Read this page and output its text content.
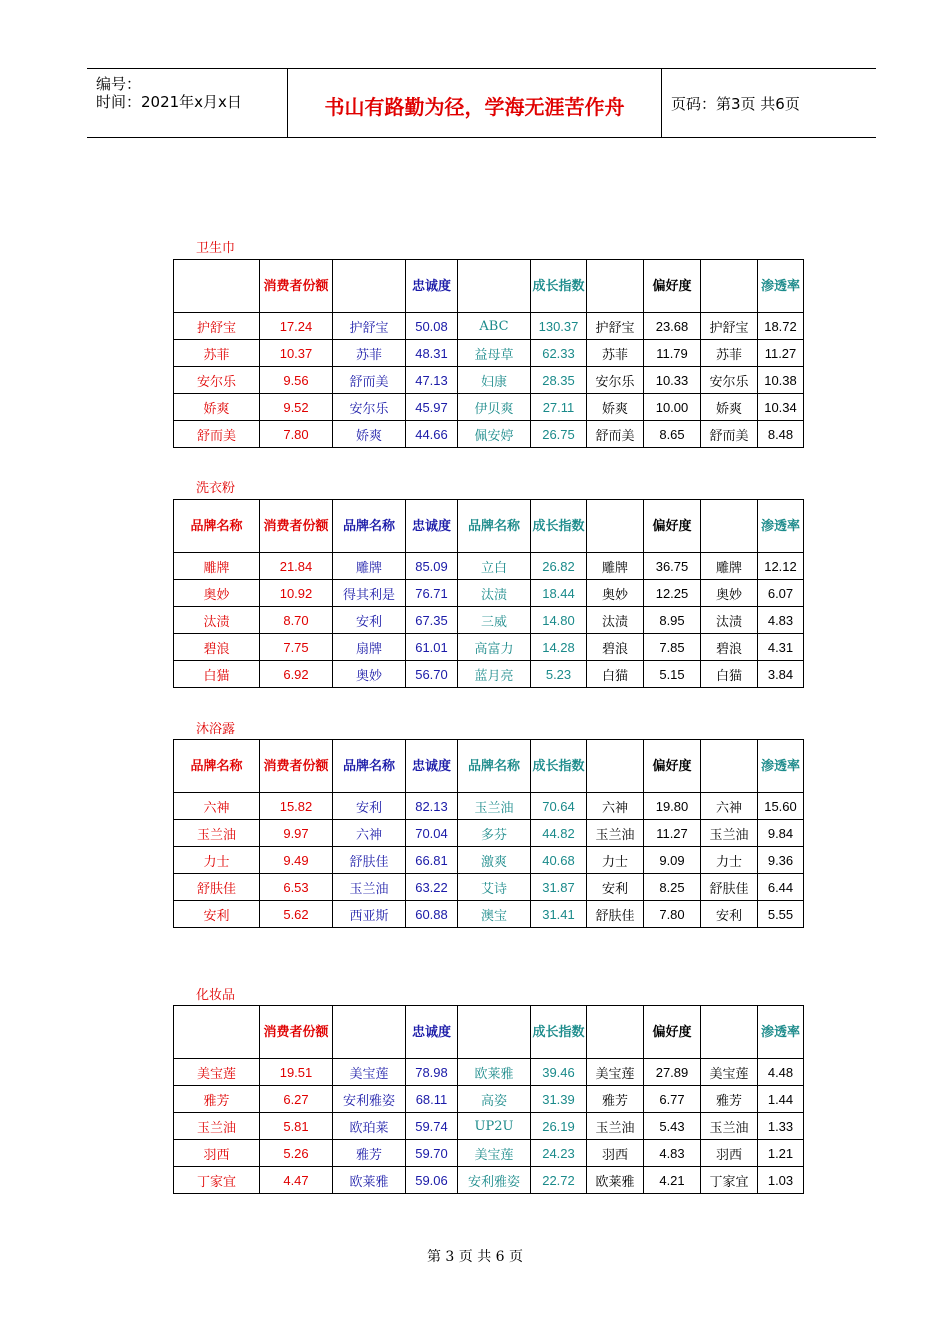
编号：
时间：2021年x月x日	书山有路勤为径，学海无涯苦作舟	页码：第3页 共6页
卫生巾
	消费者份额		忠诚度		成长指数		偏好度		渗透率
护舒宝	17.24	护舒宝	50.08	ABC	130.37	护舒宝	23.68	护舒宝	18.72
苏菲	10.37	苏菲	48.31	益母草	62.33	苏菲	11.79	苏菲	11.27
安尔乐	9.56	舒而美	47.13	妇康	28.35	安尔乐	10.33	安尔乐	10.38
娇爽	9.52	安尔乐	45.97	伊贝爽	27.11	娇爽	10.00	娇爽	10.34
舒而美	7.80	娇爽	44.66	佩安婷	26.75	舒而美	8.65	舒而美	8.48
洗衣粉
品牌名称	消费者份额	品牌名称	忠诚度	品牌名称	成长指数		偏好度		渗透率
雕牌	21.84	雕牌	85.09	立白	26.82	雕牌	36.75	雕牌	12.12
奥妙	10.92	得其利是	76.71	汰渍	18.44	奥妙	12.25	奥妙	6.07
汰渍	8.70	安利	67.35	三威	14.80	汰渍	8.95	汰渍	4.83
碧浪	7.75	扇牌	61.01	高富力	14.28	碧浪	7.85	碧浪	4.31
白猫	6.92	奥妙	56.70	蓝月亮	5.23	白猫	5.15	白猫	3.84
沐浴露
品牌名称	消费者份额	品牌名称	忠诚度	品牌名称	成长指数		偏好度		渗透率
六神	15.82	安利	82.13	玉兰油	70.64	六神	19.80	六神	15.60
玉兰油	9.97	六神	70.04	多芬	44.82	玉兰油	11.27	玉兰油	9.84
力士	9.49	舒肤佳	66.81	激爽	40.68	力士	9.09	力士	9.36
舒肤佳	6.53	玉兰油	63.22	艾诗	31.87	安利	8.25	舒肤佳	6.44
安利	5.62	西亚斯	60.88	澳宝	31.41	舒肤佳	7.80	安利	5.55
化妆品
	消费者份额		忠诚度		成长指数		偏好度		渗透率
美宝莲	19.51	美宝莲	78.98	欧莱雅	39.46	美宝莲	27.89	美宝莲	4.48
雅芳	6.27	安利雅姿	68.11	高姿	31.39	雅芳	6.77	雅芳	1.44
玉兰油	5.81	欧珀莱	59.74	UP2U	26.19	玉兰油	5.43	玉兰油	1.33
羽西	5.26	雅芳	59.70	美宝莲	24.23	羽西	4.83	羽西	1.21
丁家宜	4.47	欧莱雅	59.06	安利雅姿	22.72	欧莱雅	4.21	丁家宜	1.03
第 3 页 共 6 页
